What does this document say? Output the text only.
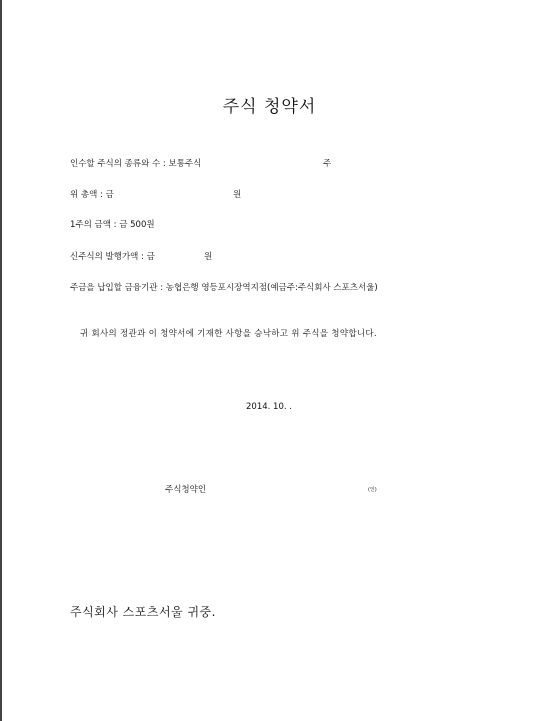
주식 청약서
인수할 주식의 종류와 수 : 보통주식	주
위 총액 : 금	원
1주의 금액 : 금 500원
신주식의 발행가액 : 금	원
주금을 납입할 금융기관 : 농협은행 영등포시장역지점(예금주:주식회사 스포츠서울)
귀 회사의 정관과 이 청약서에 기재한 사항을 승낙하고 위 주식을 청약합니다.
2014. 10. .
주식청약인	(인)
주식회사 스포츠서울 귀중.
